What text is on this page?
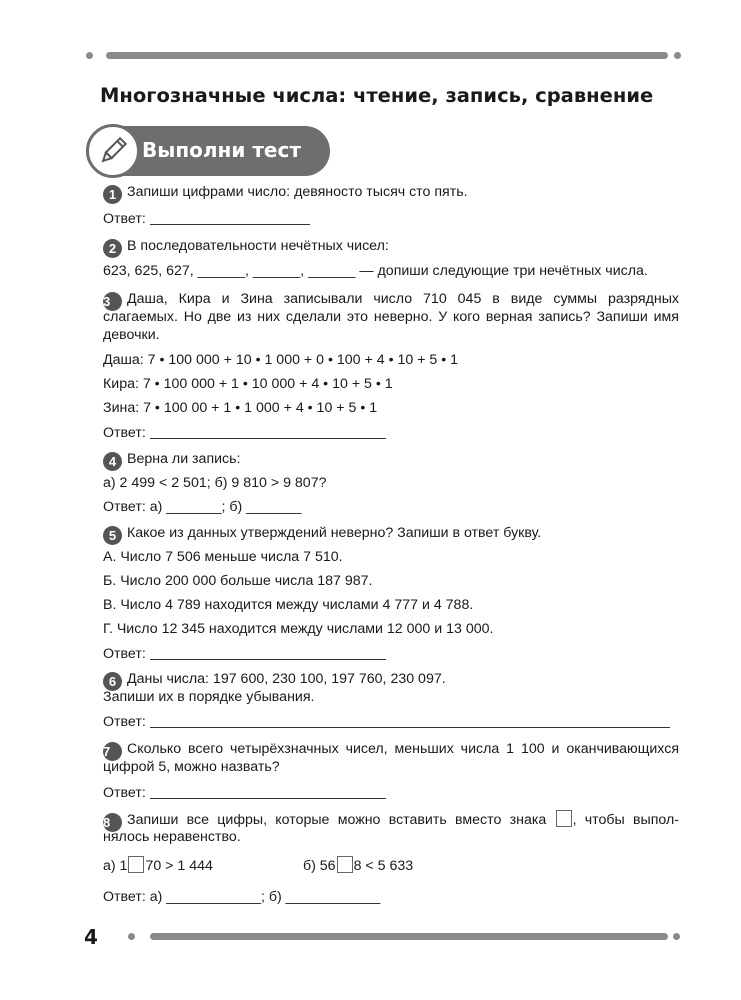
Многозначные числа: чтение, запись, сравнение
Выполни тест
1 Запиши цифрами число: девяносто тысяч сто пять.
Ответ:
2 В последовательности нечётных чисел:
623, 625, 627, ______, ______, ______ — допиши следующие три нечётных числа.
3 Даша, Кира и Зина записывали число 710 045 в виде суммы разрядных
слагаемых. Но две из них сделали это неверно. У кого верная запись? Запиши имя
девочки.
Даша: 7 • 100 000 + 10 • 1 000 + 0 • 100 + 4 • 10 + 5 • 1
Кира: 7 • 100 000 + 1 • 10 000 + 4 • 10 + 5 • 1
Зина: 7 • 100 00 + 1 • 1 000 + 4 • 10 + 5 • 1
Ответ:
4 Верна ли запись:
а) 2 499 < 2 501; б) 9 810 > 9 807?
Ответ: а) _______; б) _______
5 Какое из данных утверждений неверно? Запиши в ответ букву.
А. Число 7 506 меньше числа 7 510.
Б. Число 200 000 больше числа 187 987.
В. Число 4 789 находится между числами 4 777 и 4 788.
Г. Число 12 345 находится между числами 12 000 и 13 000.
Ответ:
6 Даны числа: 197 600, 230 100, 197 760, 230 097.
Запиши их в порядке убывания.
Ответ:
7 Сколько всего четырёхзначных чисел, меньших числа 1 100 и оканчивающихся
цифрой 5, можно назвать?
Ответ:
8 Запиши все цифры, которые можно вставить вместо знака , чтобы выпол-
нялось неравенство.
а) 1 70 > 1 444	б) 56 8 < 5 633
Ответ: а) ____________; б) ____________
4
